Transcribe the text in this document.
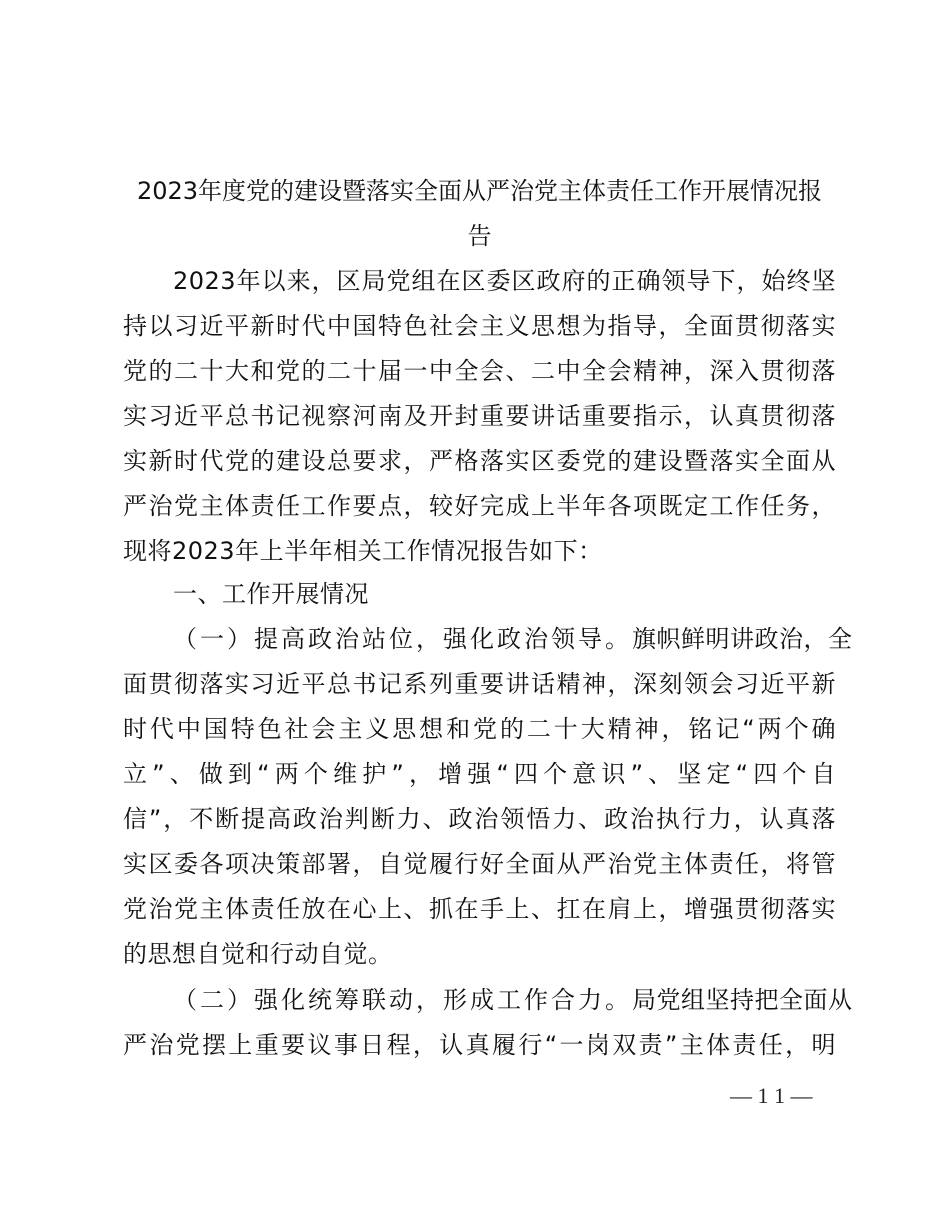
2023年度党的建设暨落实全面从严治党主体责任工作开展情况报
告
2023年以来，区局党组在区委区政府的正确领导下，始终坚
持以习近平新时代中国特色社会主义思想为指导，全面贯彻落实
党的二十大和党的二十届一中全会、二中全会精神，深入贯彻落
实习近平总书记视察河南及开封重要讲话重要指示，认真贯彻落
实新时代党的建设总要求，严格落实区委党的建设暨落实全面从
严治党主体责任工作要点，较好完成上半年各项既定工作任务，
现将2023年上半年相关工作情况报告如下：
一、工作开展情况
（一）提高政治站位，强化政治领导。旗帜鲜明讲政治，全
面贯彻落实习近平总书记系列重要讲话精神，深刻领会习近平新
时代中国特色社会主义思想和党的二十大精神，铭记“两个确
立”、做到“两个维护”，增强“四个意识”、坚定“四个自
信”，不断提高政治判断力、政治领悟力、政治执行力，认真落
实区委各项决策部署，自觉履行好全面从严治党主体责任，将管
党治党主体责任放在心上、抓在手上、扛在肩上，增强贯彻落实
的思想自觉和行动自觉。
（二）强化统筹联动，形成工作合力。局党组坚持把全面从
严治党摆上重要议事日程，认真履行“一岗双责”主体责任，明
— 1 1 —
